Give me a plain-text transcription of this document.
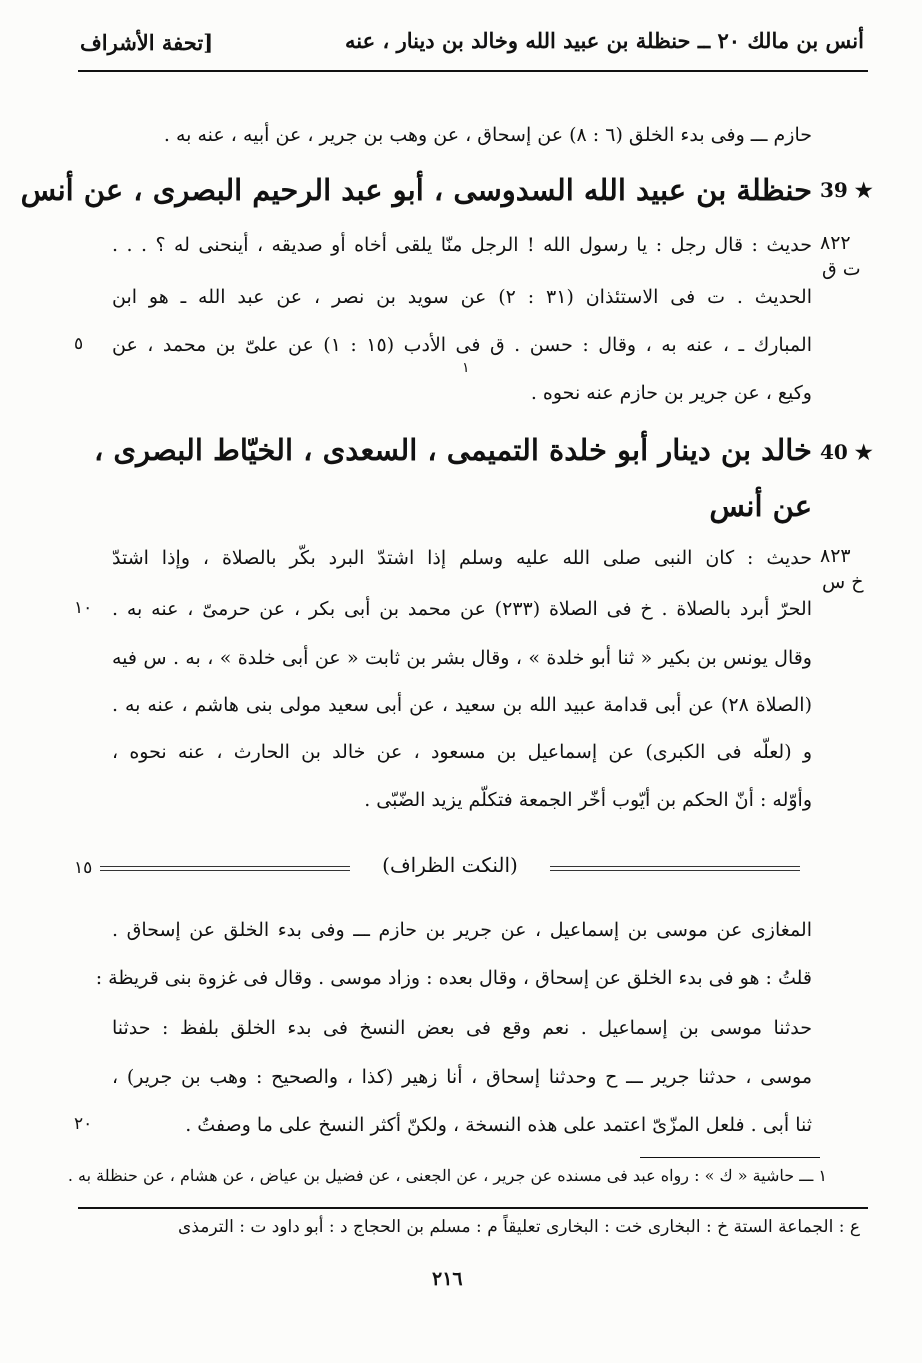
أنس بن مالك ٢٠ ــ حنظلة بن عبيد الله وخالد بن دينار ، عنه
[تحفة الأشراف
حازم ـــ وفى بدء الخلق (٦ : ٨) عن إسحاق ، عن وهب بن جرير ، عن أبيه ، عنه به .
39 ★
حنظلة بن عبيد الله السدوسى ، أبو عبد الرحيم البصرى ، عن أنس
٨٢٢
ت ق
حديث : قال رجل : يا رسول الله ! الرجل منّا يلقى أخاه أو صديقه ، أينحنى له ؟ . . .
الحديث . ت فى الاستئذان (٣١ : ٢) عن سويد بن نصر ، عن عبد الله ـ هو ابن
المبارك ـ ، عنه به ، وقال : حسن . ق فى الأدب (١٥ : ١) عن علىّ بن محمد ، عن
٥
وكيع ، عن جرير بن حازم عنه نحوه .
١
40 ★
خالد بن دينار أبو خلدة التميمى ، السعدى ، الخيّاط البصرى ،
عن أنس
٨٢٣
خ س
حديث : كان النبى صلى الله عليه وسلم إذا اشتدّ البرد بكّر بالصلاة ، وإذا اشتدّ
الحرّ أبرد بالصلاة . خ فى الصلاة (٢٣٣) عن محمد بن أبى بكر ، عن حرمىّ ، عنه به .
١٠
وقال يونس بن بكير « ثنا أبو خلدة » ، وقال بشر بن ثابت « عن أبى خلدة » ، به . س فيه
(الصلاة ٢٨) عن أبى قدامة عبيد الله بن سعيد ، عن أبى سعيد مولى بنى هاشم ، عنه به .
و (لعلّه فى الكبرى) عن إسماعيل بن مسعود ، عن خالد بن الحارث ، عنه نحوه ،
وأوّله : أنّ الحكم بن أيّوب أخّر الجمعة فتكلّم يزيد الضّبّى .
(النكت الظراف)
١٥
المغازى عن موسى بن إسماعيل ، عن جرير بن حازم ـــ وفى بدء الخلق عن إسحاق .
قلتُ : هو فى بدء الخلق عن إسحاق ، وقال بعده : وزاد موسى . وقال فى غزوة بنى قريظة :
حدثنا موسى بن إسماعيل . نعم وقع فى بعض النسخ فى بدء الخلق بلفظ : حدثنا
موسى ، حدثنا جرير ـــ ح وحدثنا إسحاق ، أنا زهير (كذا ، والصحيح : وهب بن جرير) ،
ثنا أبى . فلعل المزّىّ اعتمد على هذه النسخة ، ولكنّ أكثر النسخ على ما وصفتُ .
٢٠
١ ـــ حاشية « ك » : رواه عبد فى مسنده عن جرير ، عن الجعنى ، عن فضيل بن عياض ، عن هشام ، عن حنظلة به .
ع : الجماعة الستة خ : البخارى خت : البخارى تعليقاً م : مسلم بن الحجاج د : أبو داود ت : الترمذى
٢١٦
